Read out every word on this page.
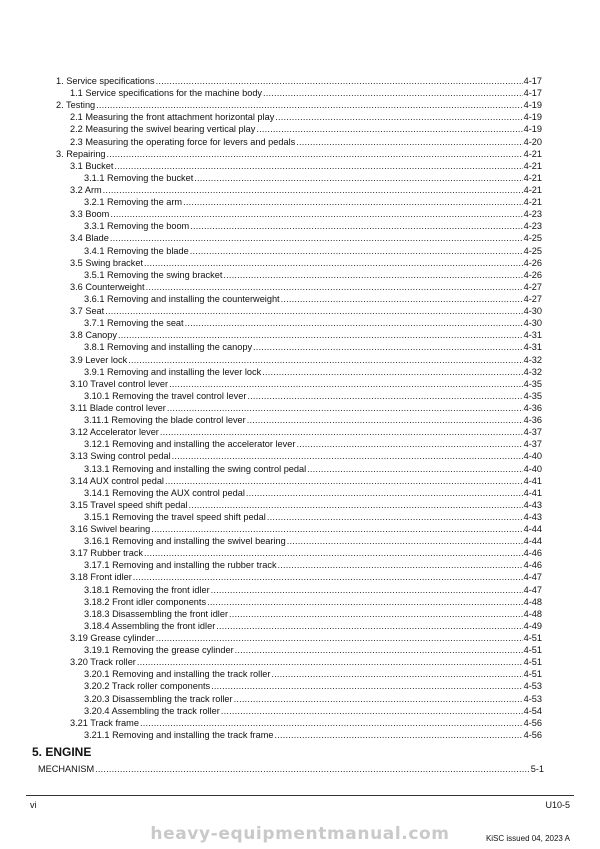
1. Service specifications .....	4-17
1.1 Service specifications for the machine body .....	4-17
2. Testing .....	4-19
2.1 Measuring the front attachment horizontal play .....	4-19
2.2 Measuring the swivel bearing vertical play .....	4-19
2.3 Measuring the operating force for levers and pedals .....	4-20
3. Repairing .....	4-21
3.1 Bucket .....	4-21
3.1.1 Removing the bucket .....	4-21
3.2 Arm .....	4-21
3.2.1 Removing the arm .....	4-21
3.3 Boom .....	4-23
3.3.1 Removing the boom .....	4-23
3.4 Blade .....	4-25
3.4.1 Removing the blade .....	4-25
3.5 Swing bracket .....	4-26
3.5.1 Removing the swing bracket .....	4-26
3.6 Counterweight .....	4-27
3.6.1 Removing and installing the counterweight .....	4-27
3.7 Seat .....	4-30
3.7.1 Removing the seat .....	4-30
3.8 Canopy .....	4-31
3.8.1 Removing and installing the canopy .....	4-31
3.9 Lever lock .....	4-32
3.9.1 Removing and installing the lever lock .....	4-32
3.10 Travel control lever .....	4-35
3.10.1 Removing the travel control lever .....	4-35
3.11 Blade control lever .....	4-36
3.11.1 Removing the blade control lever .....	4-36
3.12 Accelerator lever .....	4-37
3.12.1 Removing and installing the accelerator lever .....	4-37
3.13 Swing control pedal .....	4-40
3.13.1 Removing and installing the swing control pedal .....	4-40
3.14 AUX control pedal .....	4-41
3.14.1 Removing the AUX control pedal .....	4-41
3.15 Travel speed shift pedal .....	4-43
3.15.1 Removing the travel speed shift pedal .....	4-43
3.16 Swivel bearing .....	4-44
3.16.1 Removing and installing the swivel bearing .....	4-44
3.17 Rubber track .....	4-46
3.17.1 Removing and installing the rubber track .....	4-46
3.18 Front idler .....	4-47
3.18.1 Removing the front idler .....	4-47
3.18.2 Front idler components .....	4-48
3.18.3 Disassembling the front idler .....	4-48
3.18.4 Assembling the front idler .....	4-49
3.19 Grease cylinder .....	4-51
3.19.1 Removing the grease cylinder .....	4-51
3.20 Track roller .....	4-51
3.20.1 Removing and installing the track roller .....	4-51
3.20.2 Track roller components .....	4-53
3.20.3 Disassembling the track roller .....	4-53
3.20.4 Assembling the track roller .....	4-54
3.21 Track frame .....	4-56
3.21.1 Removing and installing the track frame .....	4-56
5. ENGINE
MECHANISM .....	5-1
vi	U10-5
heavy-equipmentmanual.com	KiSC issued 04, 2023 A
